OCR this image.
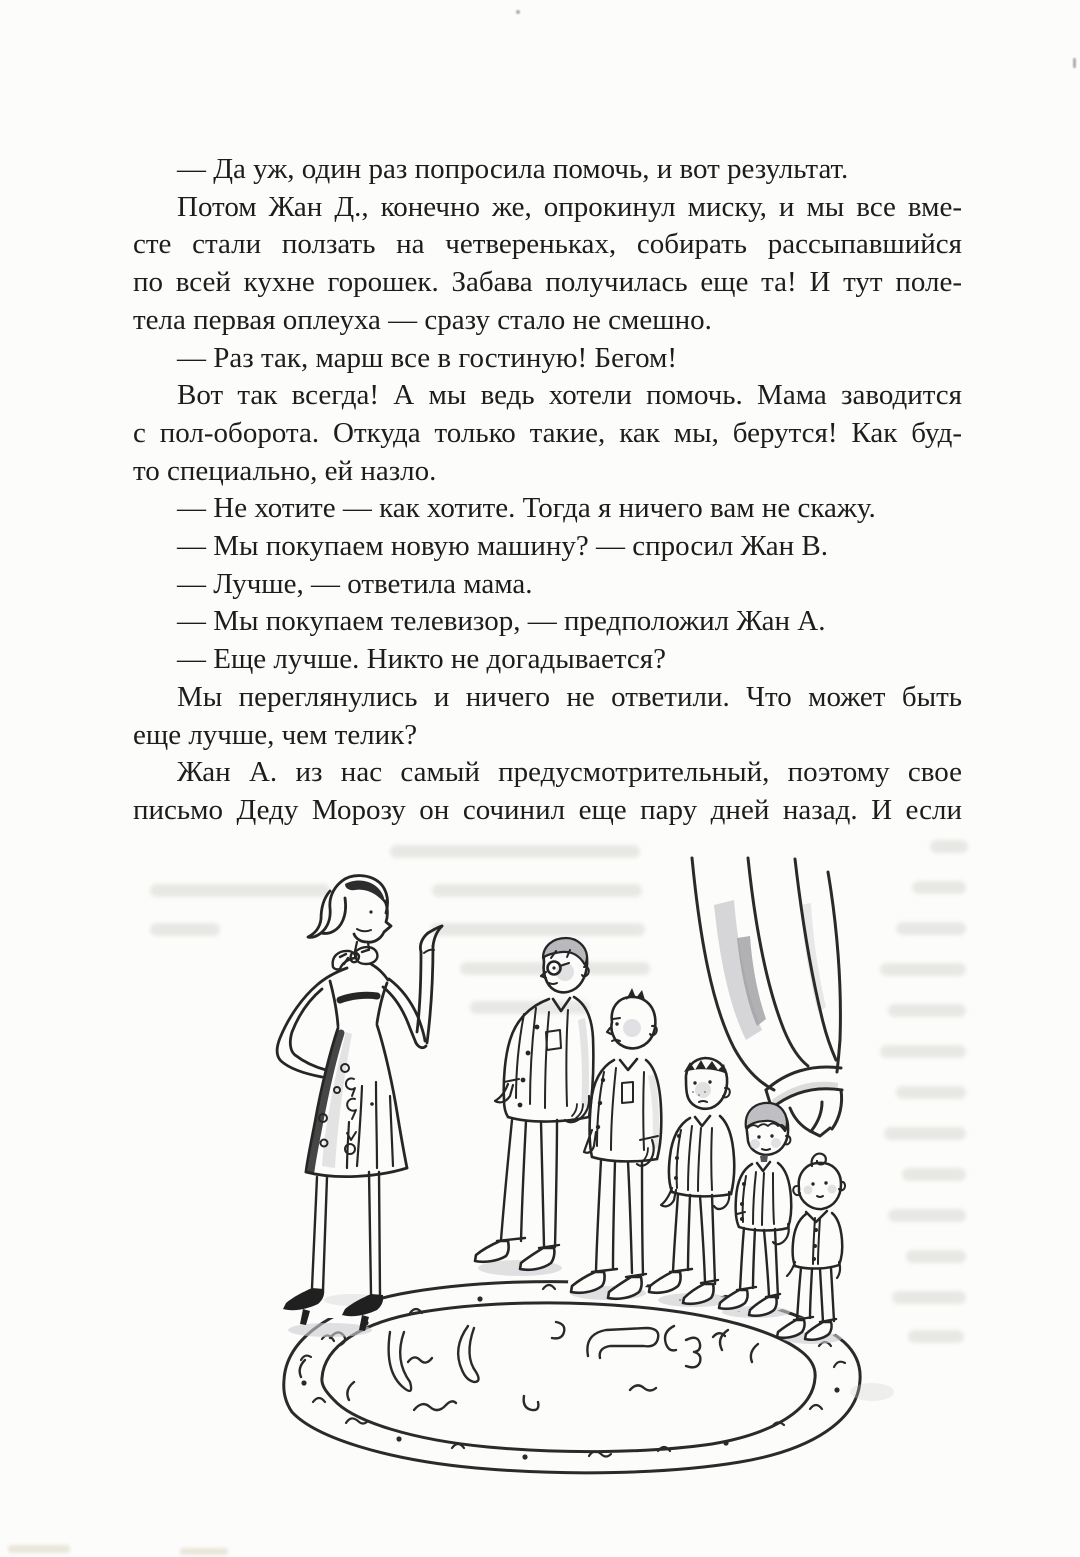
— Да уж, один раз попросила помочь, и вот результат.
Потом Жан Д., конечно же, опрокинул миску, и мы все вме-
сте стали ползать на четвереньках, собирать рассыпавшийся
по всей кухне горошек. Забава получилась еще та! И тут поле-
тела первая оплеуха — сразу стало не смешно.
— Раз так, марш все в гостиную! Бегом!
Вот так всегда! А мы ведь хотели помочь. Мама заводится
с пол-оборота. Откуда только такие, как мы, берутся! Как буд-
то специально, ей назло.
— Не хотите — как хотите. Тогда я ничего вам не скажу.
— Мы покупаем новую машину? — спросил Жан В.
— Лучше, — ответила мама.
— Мы покупаем телевизор, — предположил Жан А.
— Еще лучше. Никто не догадывается?
Мы переглянулись и ничего не ответили. Что может быть
еще лучше, чем телик?
Жан А. из нас самый предусмотрительный, поэтому свое
письмо Деду Морозу он сочинил еще пару дней назад. И если
